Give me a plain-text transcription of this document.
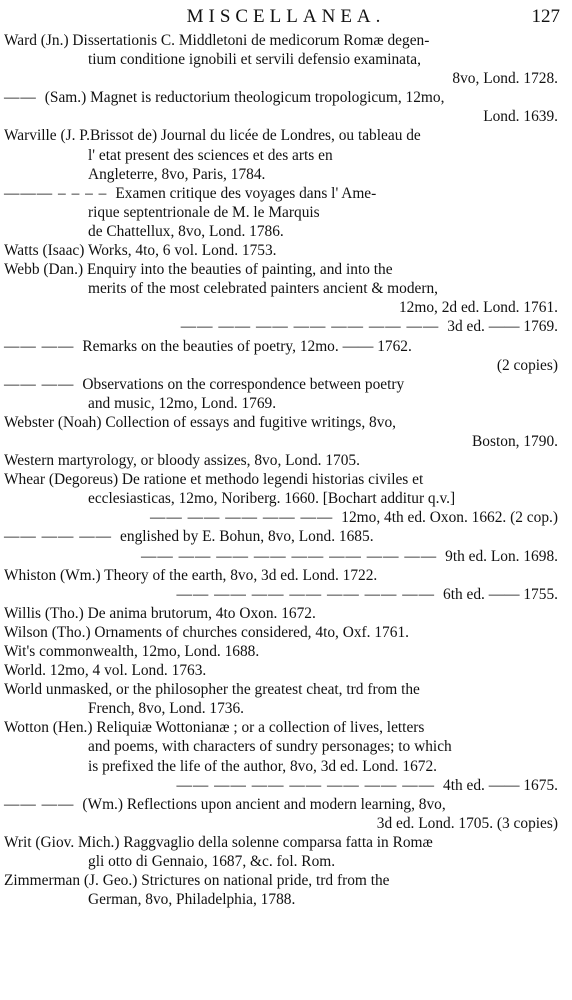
MISCELLANEA.	127
Ward (Jn.) Dissertationis C. Middletoni de medicorum Romæ degen-
tium conditione ignobili et servili defensio examinata,
8vo, Lond. 1728.
—— (Sam.) Magnet is reductorium theologicum tropologicum, 12mo,
Lond. 1639.
Warville (J. P.Brissot de) Journal du licée de Londres, ou tableau de
l' etat present des sciences et des arts en
Angleterre, 8vo, Paris, 1784.
——— – – – – Examen critique des voyages dans l' Ame-
rique septentrionale de M. le Marquis
de Chattellux, 8vo, Lond. 1786.
Watts (Isaac) Works, 4to, 6 vol. Lond. 1753.
Webb (Dan.) Enquiry into the beauties of painting, and into the
merits of the most celebrated painters ancient & modern,
12mo, 2d ed. Lond. 1761.
—— —— —— —— —— —— —— 3d ed. —— 1769.
—— —— Remarks on the beauties of poetry, 12mo. —— 1762.
(2 copies)
—— —— Observations on the correspondence between poetry
and music, 12mo, Lond. 1769.
Webster (Noah) Collection of essays and fugitive writings, 8vo,
Boston, 1790.
Western martyrology, or bloody assizes, 8vo, Lond. 1705.
Whear (Degoreus) De ratione et methodo legendi historias civiles et
ecclesiasticas, 12mo, Noriberg. 1660. [Bochart additur q.v.]
—— —— —— —— —— 12mo, 4th ed. Oxon. 1662. (2 cop.)
—— —— —— englished by E. Bohun, 8vo, Lond. 1685.
—— —— —— —— —— —— —— —— 9th ed. Lon. 1698.
Whiston (Wm.) Theory of the earth, 8vo, 3d ed. Lond. 1722.
—— —— —— —— —— —— —— 6th ed. —— 1755.
Willis (Tho.) De anima brutorum, 4to Oxon. 1672.
Wilson (Tho.) Ornaments of churches considered, 4to, Oxf. 1761.
Wit's commonwealth, 12mo, Lond. 1688.
World. 12mo, 4 vol. Lond. 1763.
World unmasked, or the philosopher the greatest cheat, trd from the
French, 8vo, Lond. 1736.
Wotton (Hen.) Reliquiæ Wottonianæ ; or a collection of lives, letters
and poems, with characters of sundry personages; to which
is prefixed the life of the author, 8vo, 3d ed. Lond. 1672.
—— —— —— —— —— —— —— 4th ed. —— 1675.
—— —— (Wm.) Reflections upon ancient and modern learning, 8vo,
3d ed. Lond. 1705. (3 copies)
Writ (Giov. Mich.) Raggvaglio della solenne comparsa fatta in Romæ
gli otto di Gennaio, 1687, &c. fol. Rom.
Zimmerman (J. Geo.) Strictures on national pride, trd from the
German, 8vo, Philadelphia, 1788.
